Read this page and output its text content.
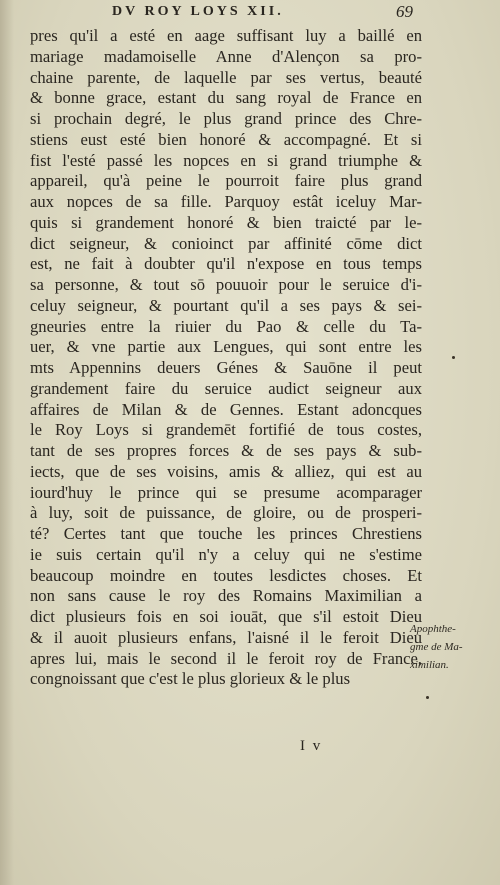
DV ROY LOYS XII.	69
pres qu'il a esté en aage suffisant luy a baillé en
mariage madamoiselle Anne d'Alençon sa pro-
chaine parente, de laquelle par ses vertus, beauté
& bonne grace, estant du sang royal de France en
si prochain degré, le plus grand prince des Chre-
stiens eust esté bien honoré & accompagné. Et si
fist l'esté passé les nopces en si grand triumphe &
appareil, qu'à peine le pourroit faire plus grand
aux nopces de sa fille. Parquoy estât iceluy Mar-
quis si grandement honoré & bien traicté par le-
dict seigneur, & conioinct par affinité cōme dict
est, ne fait à doubter qu'il n'expose en tous temps
sa personne, & tout sō pouuoir pour le seruice d'i-
celuy seigneur, & pourtant qu'il a ses pays & sei-
gneuries entre la riuier du Pao & celle du Ta-
uer, & vne partie aux Lengues, qui sont entre les
mts Appennins deuers Génes & Sauōne il peut
grandement faire du seruice audict seigneur aux
affaires de Milan & de Gennes. Estant adoncques
le Roy Loys si grandemēt fortifié de tous costes,
tant de ses propres forces & de ses pays & sub-
iects, que de ses voisins, amis & alliez, qui est au
iourd'huy le prince qui se presume acomparager
à luy, soit de puissance, de gloire, ou de prosperi-
té? Certes tant que touche les princes Chrestiens
ie suis certain qu'il n'y a celuy qui ne s'estime
beaucoup moindre en toutes lesdictes choses. Et
non sans cause le roy des Romains Maximilian a
dict plusieurs fois en soi iouāt, que s'il estoit Dieu
& il auoit plusieurs enfans, l'aisné il le feroit Dieu
apres lui, mais le second il le feroit roy de France,
congnoissant que c'est le plus glorieux & le plus
I v
Apophthe-
gme de Ma-
ximilian.
